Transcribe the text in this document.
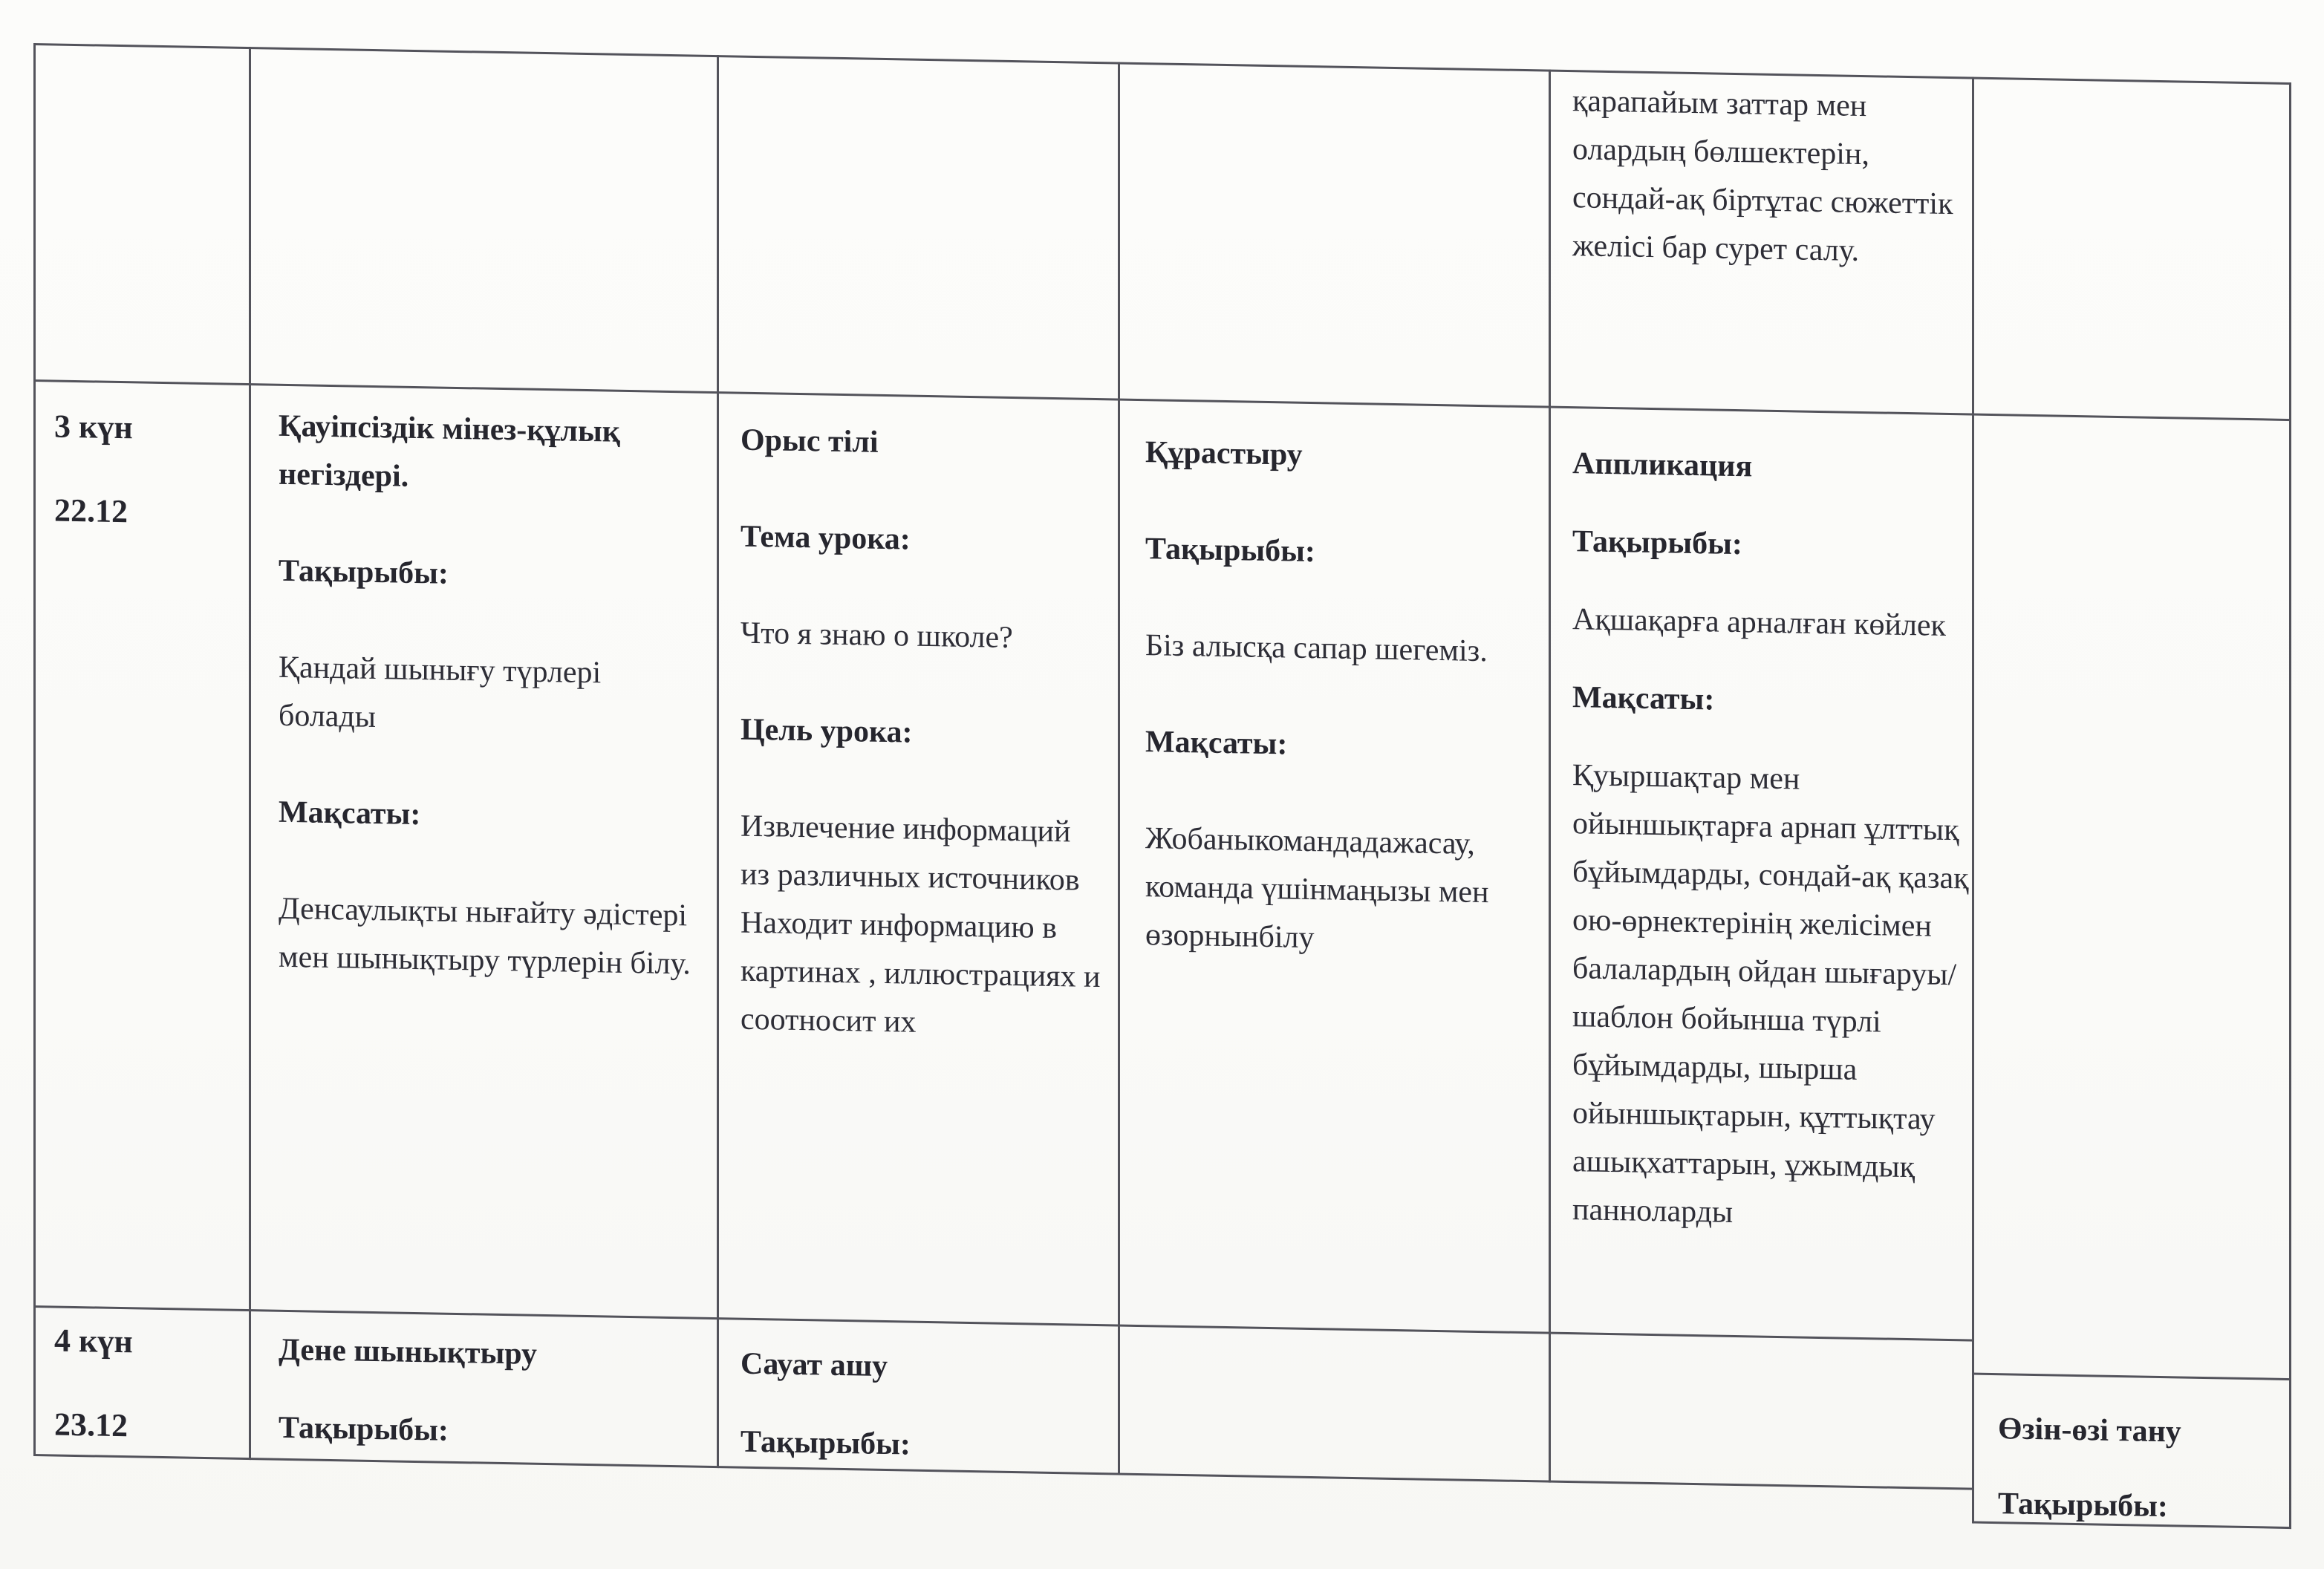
қарапайым заттар мен олардың бөлшектерін, сондай-ақ біртұтас сюжеттік желісі бар сурет салу.
3 күн
22.12
Қауіпсіздік мінез-құлық негіздері.
Тақырыбы:
Қандай шынығу түрлері болады
Мақсаты:
Денсаулықты нығайту әдістері мен шынықтыру түрлерін білу.
Орыс тілі
Тема урока:
Что я знаю о школе?
Цель урока:
Извлечение информаций из различных источников Находит информацию в картинах , иллюстрациях и соотносит их
Құрастыру
Тақырыбы:
Біз алысқа сапар шегеміз.
Мақсаты:
Жобаныкомандадажасау, команда үшінмаңызы мен өзорнынбілу
Аппликация
Тақырыбы:
Ақшақарға арналған көйлек
Мақсаты:
Қуыршақтар мен ойыншықтарға арнап ұлттық бұйымдарды, сондай-ақ қазақ ою-өрнектерінің желісімен балалардың ойдан шығаруы/шаблон бойынша түрлі бұйымдарды, шырша ойыншықтарын, құттықтау ашықхаттарын, ұжымдық панноларды
4 күн
23.12
Дене шынықтыру
Тақырыбы:
Сауат ашу
Тақырыбы:	Өзін-өзі тану
Тақырыбы:
